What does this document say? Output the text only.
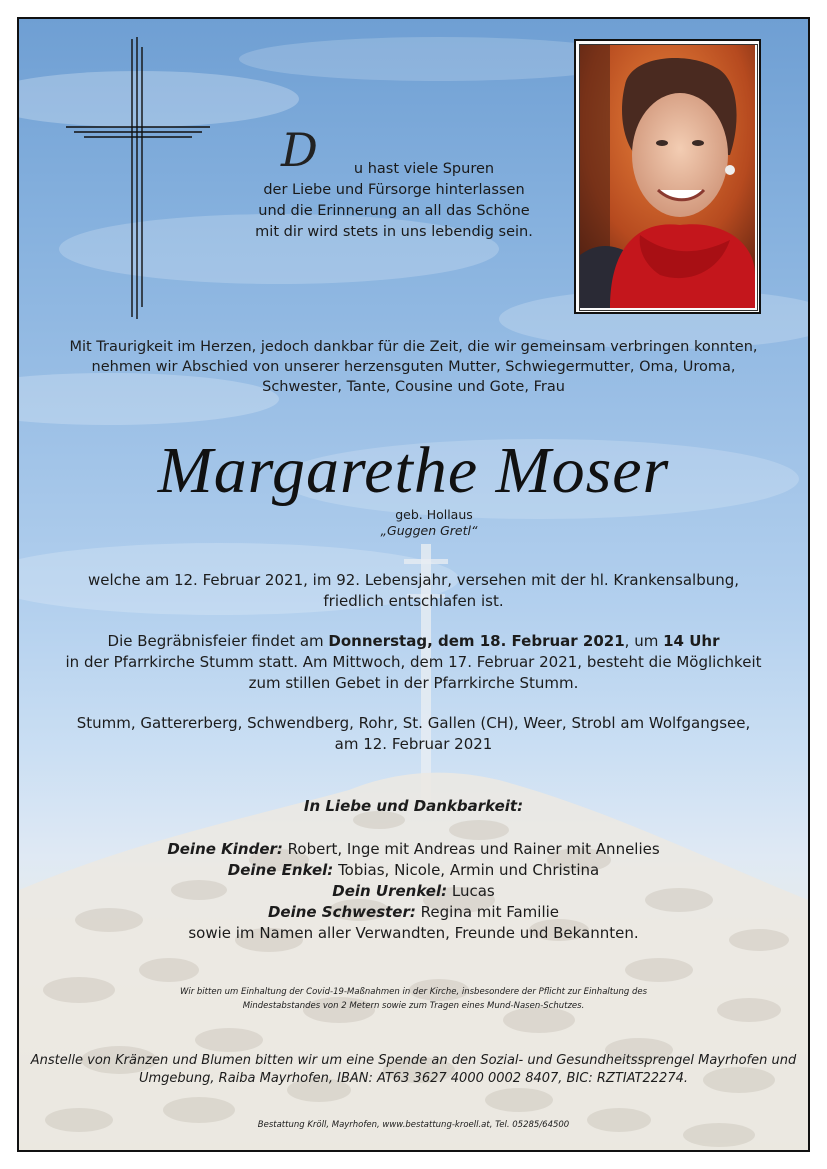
D	u hast viele Spuren
der Liebe und Fürsorge hinterlassen
und die Erinnerung an all das Schöne
mit dir wird stets in uns lebendig sein.
Mit Traurigkeit im Herzen, jedoch dankbar für die Zeit, die wir gemeinsam verbringen konnten,
nehmen wir Abschied von unserer herzensguten Mutter, Schwiegermutter, Oma, Uroma,
Schwester, Tante, Cousine und Gote, Frau
Margarethe Moser
geb. Hollaus
„Guggen Gretl“
welche am 12. Februar 2021, im 92. Lebensjahr, versehen mit der hl. Krankensalbung,
friedlich entschlafen ist.
Die Begräbnisfeier findet am Donnerstag, dem 18. Februar 2021, um 14 Uhr
in der Pfarrkirche Stumm statt. Am Mittwoch, dem 17. Februar 2021, besteht die Möglichkeit
zum stillen Gebet in der Pfarrkirche Stumm.
Stumm, Gattererberg, Schwendberg, Rohr, St. Gallen (CH), Weer, Strobl am Wolfgangsee,
am 12. Februar 2021
In Liebe und Dankbarkeit:
Deine Kinder: Robert, Inge mit Andreas und Rainer mit Annelies
Deine Enkel: Tobias, Nicole, Armin und Christina
Dein Urenkel: Lucas
Deine Schwester: Regina mit Familie
sowie im Namen aller Verwandten, Freunde und Bekannten.
Wir bitten um Einhaltung der Covid-19-Maßnahmen in der Kirche, insbesondere der Pflicht zur Einhaltung des
Mindestabstandes von 2 Metern sowie zum Tragen eines Mund-Nasen-Schutzes.
Anstelle von Kränzen und Blumen bitten wir um eine Spende an den Sozial- und Gesundheitssprengel Mayrhofen und
Umgebung, Raiba Mayrhofen, IBAN: AT63 3627 4000 0002 8407, BIC: RZTIAT22274.
Bestattung Kröll, Mayrhofen, www.bestattung-kroell.at, Tel. 05285/64500
